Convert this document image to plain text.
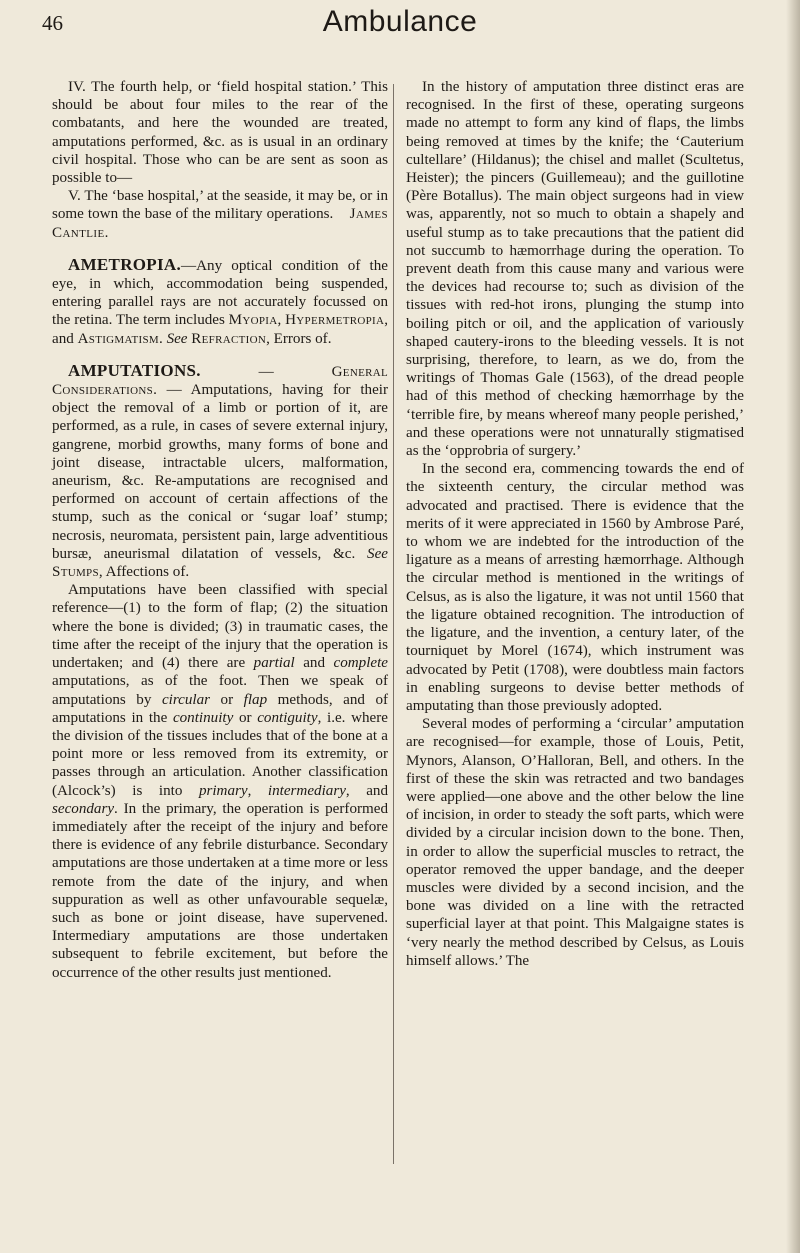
46	Ambulance

IV. The fourth help, or ‘field hospital station.’ This should be about four miles to the rear of the combatants, and here the wounded are treated, amputations performed, &c. as is usual in an ordinary civil hospital. Those who can be are sent as soon as possible to—

V. The ‘base hospital,’ at the seaside, it may be, or in some town the base of the military operations. James Cantlie.

AMETROPIA.—Any optical condition of the eye, in which, accommodation being suspended, entering parallel rays are not accurately focussed on the retina. The term includes Myopia, Hypermetropia, and Astigmatism. See Refraction, Errors of.

AMPUTATIONS. — General Considerations. — Amputations, having for their object the removal of a limb or portion of it, are performed, as a rule, in cases of severe external injury, gangrene, morbid growths, many forms of bone and joint disease, intractable ulcers, malformation, aneurism, &c. Re-amputations are recognised and performed on account of certain affections of the stump, such as the conical or ‘sugar loaf’ stump; necrosis, neuromata, persistent pain, large adventitious bursæ, aneurismal dilatation of vessels, &c. See Stumps, Affections of.

Amputations have been classified with special reference—(1) to the form of flap; (2) the situation where the bone is divided; (3) in traumatic cases, the time after the receipt of the injury that the operation is undertaken; and (4) there are partial and complete amputations, as of the foot. Then we speak of amputations by circular or flap methods, and of amputations in the continuity or contiguity, i.e. where the division of the tissues includes that of the bone at a point more or less removed from its extremity, or passes through an articulation. Another classification (Alcock’s) is into primary, intermediary, and secondary. In the primary, the operation is performed immediately after the receipt of the injury and before there is evidence of any febrile disturbance. Secondary amputations are those undertaken at a time more or less remote from the date of the injury, and when suppuration as well as other unfavourable sequelæ, such as bone or joint disease, have supervened. Intermediary amputations are those undertaken subsequent to febrile excitement, but before the occurrence of the other results just mentioned.

In the history of amputation three distinct eras are recognised. In the first of these, operating surgeons made no attempt to form any kind of flaps, the limbs being removed at times by the knife; the ‘Cauterium cultellare’ (Hildanus); the chisel and mallet (Scultetus, Heister); the pincers (Guillemeau); and the guillotine (Père Botallus). The main object surgeons had in view was, apparently, not so much to obtain a shapely and useful stump as to take precautions that the patient did not succumb to hæmorrhage during the operation. To prevent death from this cause many and various were the devices had recourse to; such as division of the tissues with red-hot irons, plunging the stump into boiling pitch or oil, and the application of variously shaped cautery-irons to the bleeding vessels. It is not surprising, therefore, to learn, as we do, from the writings of Thomas Gale (1563), of the dread people had of this method of checking hæmorrhage by the ‘terrible fire, by means whereof many people perished,’ and these operations were not unnaturally stigmatised as the ‘opprobria of surgery.’

In the second era, commencing towards the end of the sixteenth century, the circular method was advocated and practised. There is evidence that the merits of it were appreciated in 1560 by Ambrose Paré, to whom we are indebted for the introduction of the ligature as a means of arresting hæmorrhage. Although the circular method is mentioned in the writings of Celsus, as is also the ligature, it was not until 1560 that the ligature obtained recognition. The introduction of the ligature, and the invention, a century later, of the tourniquet by Morel (1674), which instrument was advocated by Petit (1708), were doubtless main factors in enabling surgeons to devise better methods of amputating than those previously adopted.

Several modes of performing a ‘circular’ amputation are recognised—for example, those of Louis, Petit, Mynors, Alanson, O’Halloran, Bell, and others. In the first of these the skin was retracted and two bandages were applied—one above and the other below the line of incision, in order to steady the soft parts, which were divided by a circular incision down to the bone. Then, in order to allow the superficial muscles to retract, the operator removed the upper bandage, and the deeper muscles were divided by a second incision, and the bone was divided on a line with the retracted superficial layer at that point. This Malgaigne states is ‘very nearly the method described by Celsus, as Louis himself allows.’ The
